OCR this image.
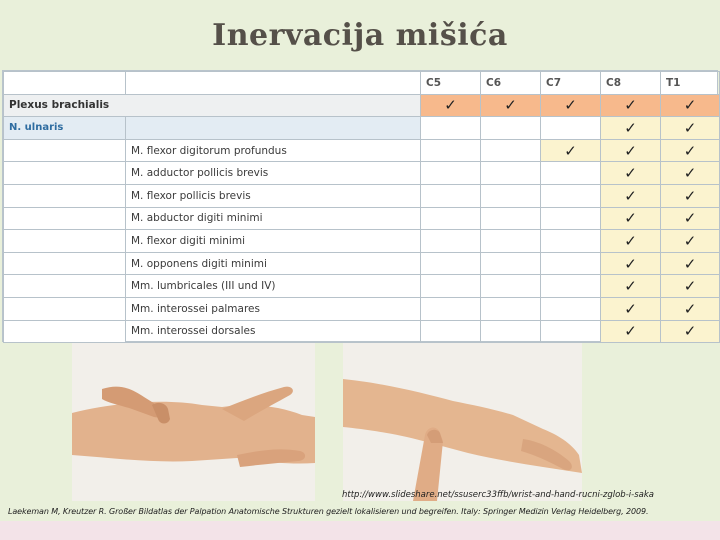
Inervacija mišića
		C5	C6	C7	C8	T1
Plexus brachialis		✓	✓	✓	✓	✓
N. ulnaris					✓	✓
	M. flexor digitorum profundus			✓	✓	✓
	M. adductor pollicis brevis				✓	✓
	M. flexor pollicis brevis				✓	✓
	M. abductor digiti minimi				✓	✓
	M. flexor digiti minimi				✓	✓
	M. opponens digiti minimi				✓	✓
	Mm. lumbricales (III und IV)				✓	✓
	Mm. interossei palmares				✓	✓
	Mm. interossei dorsales				✓	✓
http://www.slideshare.net/ssuserc33ffb/wrist-and-hand-rucni-zglob-i-saka
Laekeman M, Kreutzer R. Großer Bildatlas der Palpation Anatomische Strukturen gezielt lokalisieren und begreifen. Italy: Springer Medizin Verlag Heidelberg, 2009.
